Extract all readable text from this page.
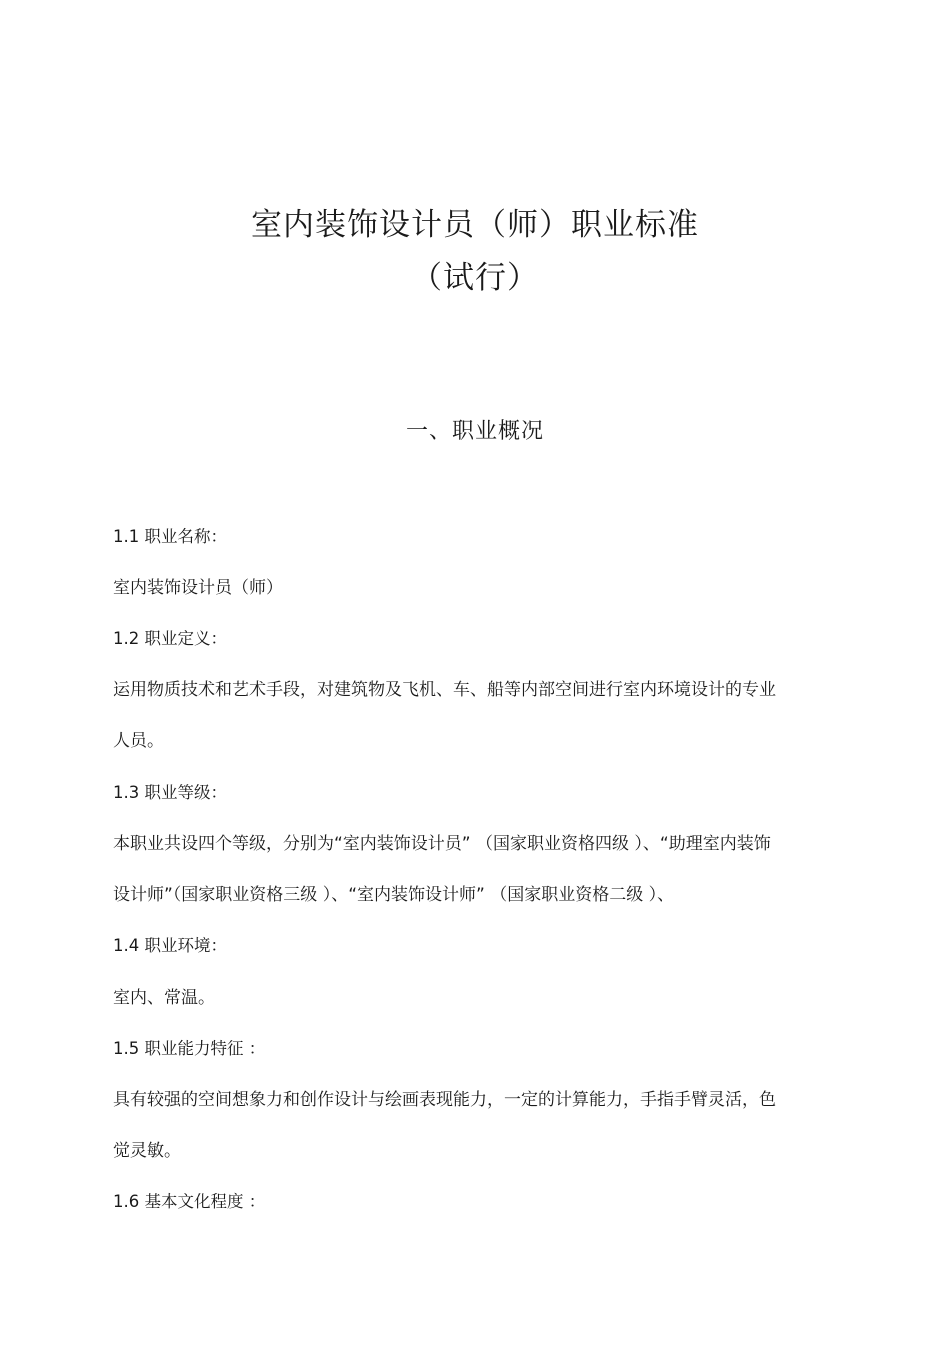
室内装饰设计员（师）职业标准
（试行）
一、职业概况
1.1 职业名称：
室内装饰设计员（师）
1.2 职业定义：
运用物质技术和艺术手段，对建筑物及飞机、车、船等内部空间进行室内环境设计的专业
人员。
1.3 职业等级：
本职业共设四个等级，分别为“室内装饰设计员” （国家职业资格四级 ）、“助理室内装饰
设计师”（国家职业资格三级 ）、“室内装饰设计师” （国家职业资格二级 ）、
1.4 职业环境：
室内、常温。
1.5 职业能力特征 ：
具有较强的空间想象力和创作设计与绘画表现能力，一定的计算能力，手指手臂灵活，色
觉灵敏。
1.6 基本文化程度 ：
